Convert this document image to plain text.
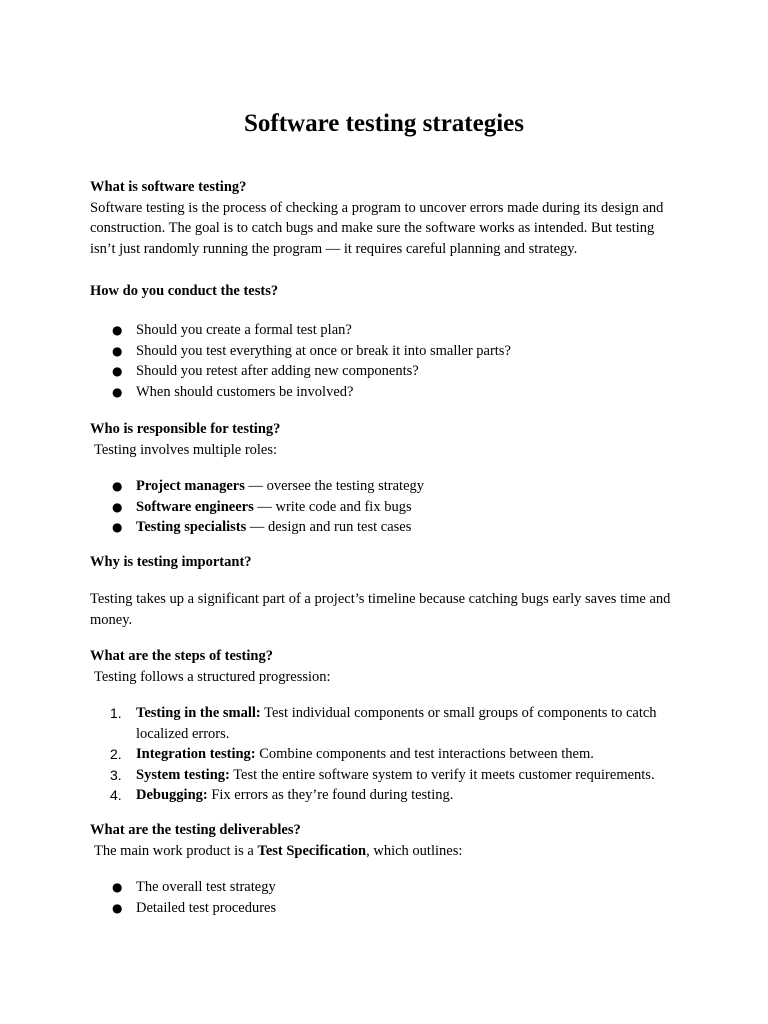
Software testing strategies

What is software testing?

Software testing is the process of checking a program to uncover errors made during its design and construction. The goal is to catch bugs and make sure the software works as intended. But testing isn’t just randomly running the program — it requires careful planning and strategy.

How do you conduct the tests?

● Should you create a formal test plan?
● Should you test everything at once or break it into smaller parts?
● Should you retest after adding new components?
● When should customers be involved?

Who is responsible for testing?

Testing involves multiple roles:

● Project managers — oversee the testing strategy
● Software engineers — write code and fix bugs
● Testing specialists — design and run test cases

Why is testing important?

Testing takes up a significant part of a project’s timeline because catching bugs early saves time and money.

What are the steps of testing?

Testing follows a structured progression:

1. Testing in the small: Test individual components or small groups of components to catch localized errors.
2. Integration testing: Combine components and test interactions between them.
3. System testing: Test the entire software system to verify it meets customer requirements.
4. Debugging: Fix errors as they’re found during testing.

What are the testing deliverables?

The main work product is a Test Specification, which outlines:

● The overall test strategy
● Detailed test procedures
